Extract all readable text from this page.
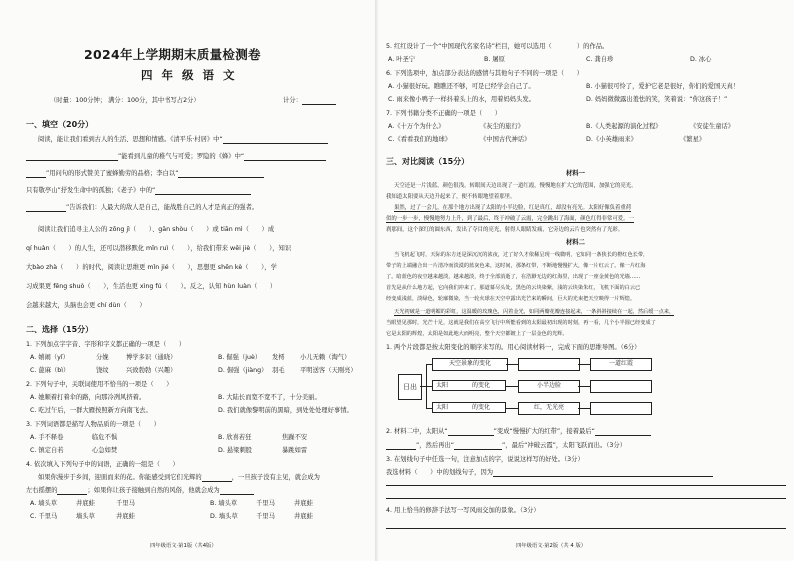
2024年上学期期末质量检测卷
四年级语文
（时量：100分钟； 满分：100分，其中书写占2分）	计分：
一、填空（20分）
阅读，能让我们看到古人的生活、思想和情感。《清平乐·村居》中“
”能看到儿童的稚气与可爱；罗隐的《蜂》中“
”用问句的形式赞美了蜜蜂勤劳的品格；李白以“
只有敬亭山”抒发生命中的孤独；《老子》中的“
”告诉我们：人最大的敌人是自己，能战胜自己的人才是真正的强者。
阅读让我们追寻主人公的 zōng jì（　　）、gān shòu（　　）或 tiān mì（　　）成
qí huàn（　　）的人生，还可以潜移默化 mǐn ruì（　　），给我们带来 wēi jiè（　　），知识
大bào zhà（　　）的时代，阅读让思维更 mǐn jié（　　），思想更 shēn kè（　　），学
习成果更 fēng shuò（　　），生活也更 xìng fú（　　）。反之，认知 hùn luàn（　　）
会越来越大，头脑也会更 chí dùn（　　）
二、选择（15分）
1. 下列加点字字音、字形和字义都正确的一项是（　　）
A. 嬉闹（yǐ）	分娩	博学多识（通晓）	B. 倔强（juè） 发樗 小儿无赖（淘气）
C. 蓖麻（bì）	饶纹	兴致勃勃（兴趣）	D. 倔强（jiàng） 羽毛 平明送客（天刚亮）
2. 下列句子中，关联词使用不恰当的一项是（　　）
A. 她顺着打着伞的路，向那冷冽风挤着。	B. 大陆长而宽不宽不了，十分美丽。
C. 吃过午后，一群大雁按照新方向南飞去。	D. 我们就像黎明前的黑暗，到处处处理好事情。
3. 下列词语都是描写人物品质的一项是（　　）
A. 手不释卷	临危不惧	B. 欣喜若狂	焦躁不安
C. 镇定自若	心急如焚	D. 悬梁刺股	暴跳如雷
4. 依次填入下列句子中的词语，正确的一组是（　　）
如果你漫步于乡间，迎面而来的花。你能感受到它们光辉的	，一旦孩子没有主见，就会成为
左右摇摆的	；如果你让孩子接触到自然的风俗，他就会成为
A. 墙头草	井底蛙	千里马	B. 墙头草	千里马	井底蛙
C. 千里马	墙头草	井底蛙	D. 墙头草	千里马	井底蛙
四年级语文·第1版（共4版）
5. 红红设计了一个“中国现代名家名诗”栏目，她可以选用（　　　　）的作品。
A. 叶圣宁	B. 屠原	C. 龚自珍	D. 冰心
6. 下列选项中，加点部分表达的感情与其他句子不同的一项是（　　）
A. 小猫很好玩。瞧瞧还不够，可是已经学会自己了。	B. 小猫很可怜了，爱护它老是很好，你们的爱国天真！
C. 雨来像小鸭子一样抖着头上的水，用着妈妈头发。	D. 妈妈微微露出羞怯的笑，笑着说：“你这孩子！”
7. 下列书籍分类不正确的一项是（　　）
A.《十万个为什么》	《灰尘的旅行》	B.《人类起源的演化过程》	《安徒生童话》
C.《看看我们的地球》	《中国古代神话》	D.《小英雄雨来》	《繁星》
三、对比阅读（15分）
材料一
天空还是一片浅蓝，颜色很浅。转眼间天边出现了一道红霞，慢慢地在扩大它的范围，加强它的亮光。
我知道太阳要从天边升起来了，便不转眼地望着那里。
果然，过了一会儿，在那个地方出现了太阳的小半边脸，红是真红，却没有亮光。太阳好像负着重荷
似的一步一步，慢慢地努力上升，到了最后，终于冲破了云霞，完全跳出了海面，颜色红得非常可爱。一
刹那间，这个深红的圆东西，发出了夺目的亮光，射得人眼睛发痛，它旁边的云片也突然有了光彩。
材料二
当飞机起飞时，天际的东方还是深沉沉的浓夜，过了好久才依稀呈现一线微明，它如同一条狭长的橙红色长带，
带子的上端融合出一片清冷而淡漠的蓝灰色来。这时间，那条红带，不断地慢慢扩大，像一片红云了。像一片红海
了。暗蓝色的夜空越来越淡，越来越淡，终于全部消逝了，在浩渺无边的红海里，出现了一座金黄色的光墙……
首先是从什么地方起，它向我们冲来了。那道幕尽头处，黑色的云块染紫，浅的云块染朱红，飞机下面的白云已
经变成浅蓝，淡绿色，轮廓微染，当一轮火球在天空中露出光芒来的瞬间，巨大的光束把天空映得一片辉煌。
天光初破是一道明媚的彩虹，这温暖的玫瑰色，闪着金光，如同两瓣花瓣连接起来，一条斜斜接续在一起，然后缓一点来，
当眼望见那时，光芒十足，这就是我们在高空飞行中所能看到的太阳最初出现的时刻，再一看，几个小半圆已经变成了
它是太阳的辉煌，太阳是如此地大而明亮，整个天空都镀上了一层金色的光辉。
1. 两个片段都是按太阳变化的顺序来写的。用心阅读材料一，完成下面的思维导图。（6分）
日出
天空景象的变化	一道红霞
太阳	的变化	小半边脸
太阳	的变化	红，无光亮
2. 材料二中，太阳从“	”变成“慢慢扩大的红带”，接着最后“
”，然后再出“	”，最后“冲破云霞”，太阳飞跃而出。（3分）
3. 在划线句子中任选一句，注意加点的字，说说这样写的好处。（3分）
我选材料（　　）中的划线句子，因为
4. 用上恰当的修辞手法写一写风雨交加的景象。（3分）
四年级语文·第2版（共 4 版）
